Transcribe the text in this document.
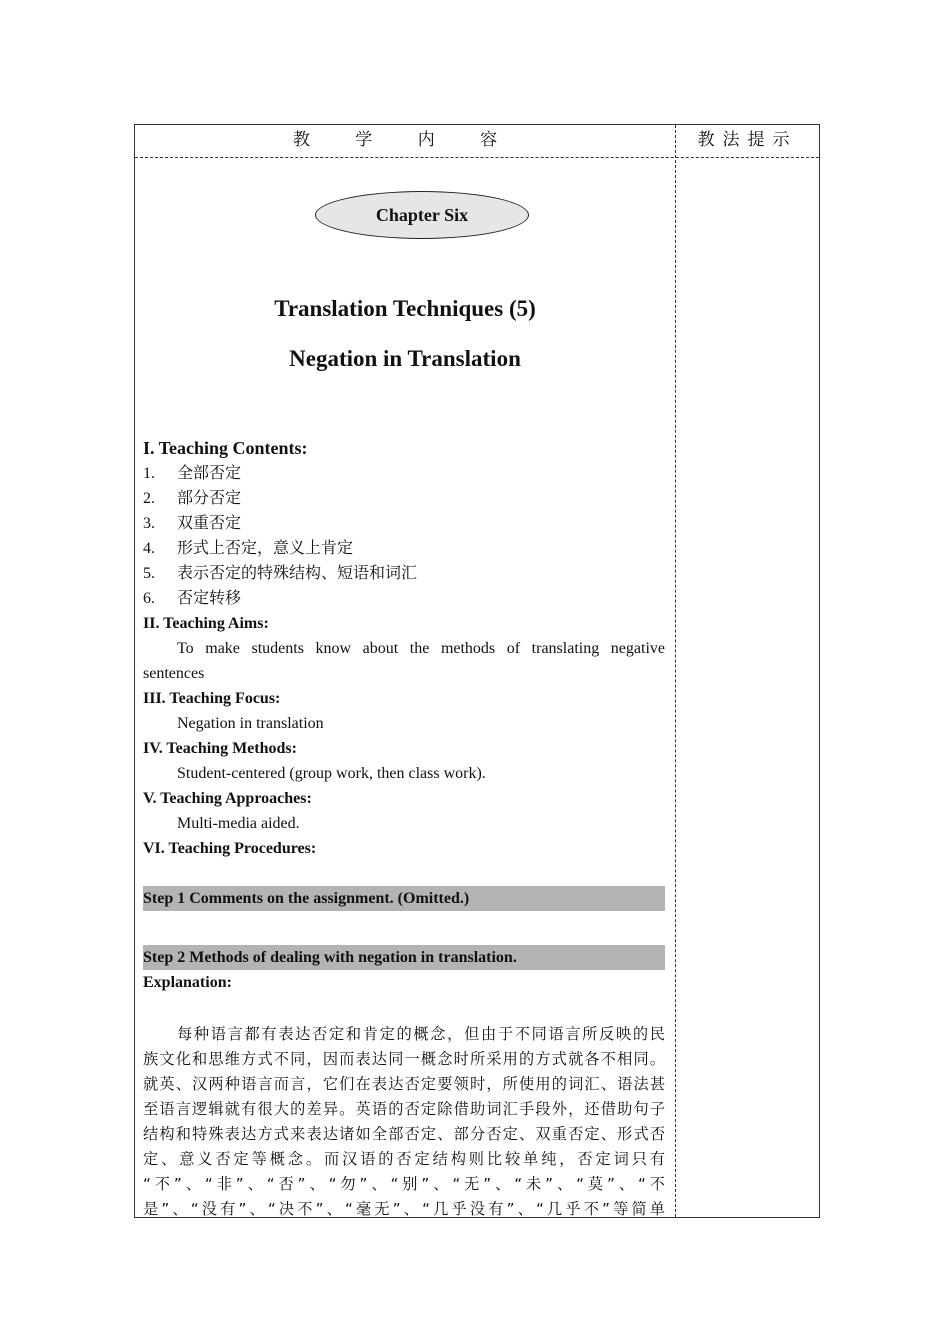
教 学 内 容	教法提示
Chapter Six
Translation Techniques (5)
Negation in Translation
I. Teaching Contents:
1.	全部否定
2.	部分否定
3.	双重否定
4.	形式上否定，意义上肯定
5.	表示否定的特殊结构、短语和词汇
6.	否定转移
II. Teaching Aims:
To make students know about the methods of translating negative
sentences
III. Teaching Focus:
Negation in translation
IV. Teaching Methods:
Student-centered (group work, then class work).
V. Teaching Approaches:
Multi-media aided.
VI. Teaching Procedures:
Step 1 Comments on the assignment. (Omitted.)
Step 2 Methods of dealing with negation in translation.
Explanation:
每种语言都有表达否定和肯定的概念，但由于不同语言所反映的民
族文化和思维方式不同，因而表达同一概念时所采用的方式就各不相同。
就英、汉两种语言而言，它们在表达否定要领时，所使用的词汇、语法甚
至语言逻辑就有很大的差异。英语的否定除借助词汇手段外，还借助句子
结构和特殊表达方式来表达诸如全部否定、部分否定、双重否定、形式否
定、意义否定等概念。而汉语的否定结构则比较单纯，否定词只有
“不”、“非”、“否”、“勿”、“别”、“无”、“未”、“莫”、“不
是”、“没有”、“决不”、“毫无”、“几乎没有”、“几乎不”等简单
